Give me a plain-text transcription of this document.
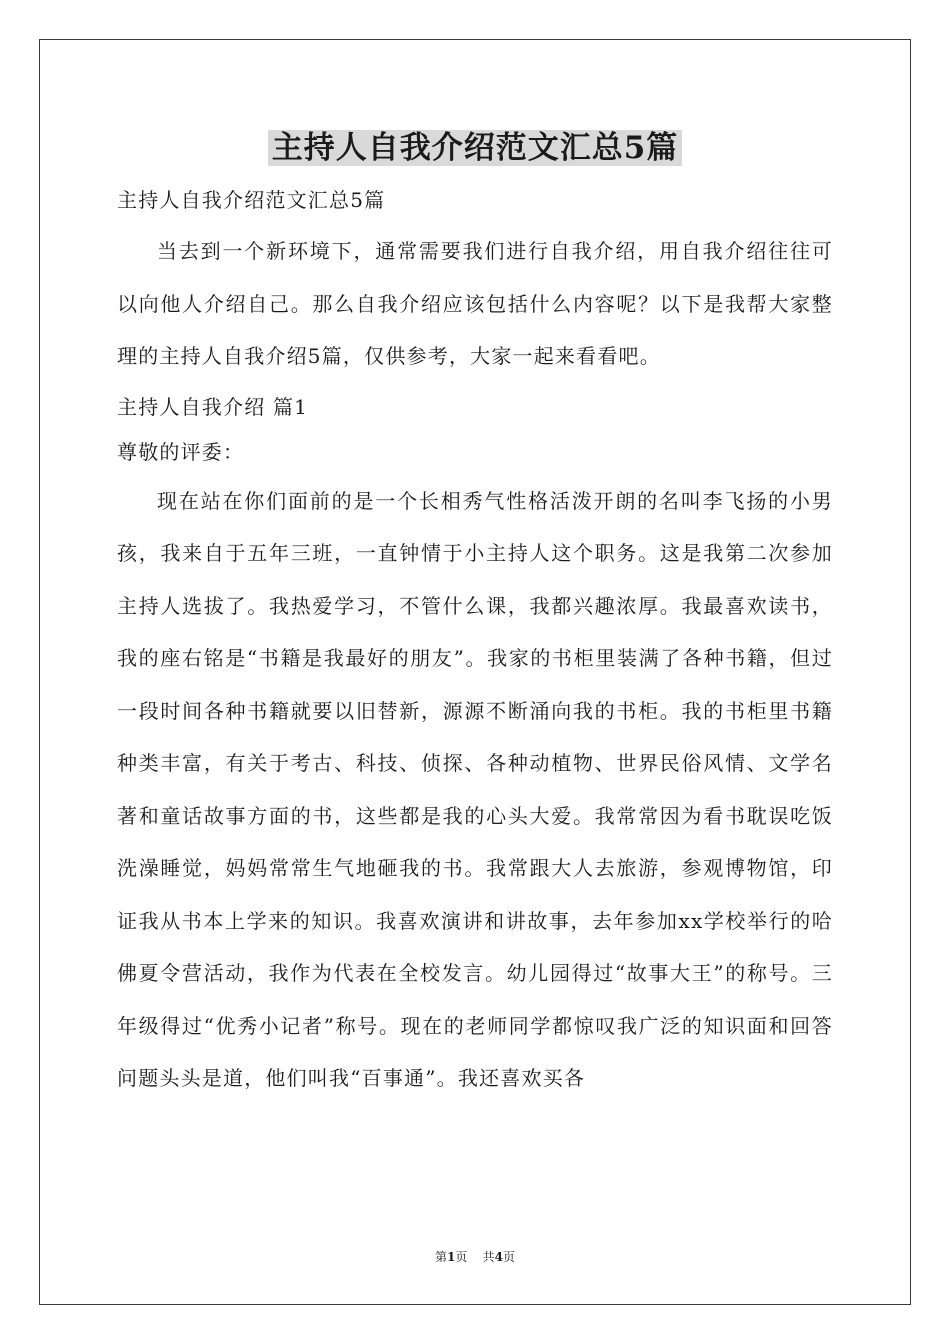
主持人自我介绍范文汇总5篇

主持人自我介绍范文汇总5篇

当去到一个新环境下，通常需要我们进行自我介绍，用自我介绍往往可以向他人介绍自己。那么自我介绍应该包括什么内容呢？以下是我帮大家整理的主持人自我介绍5篇，仅供参考，大家一起来看看吧。

主持人自我介绍 篇1

尊敬的评委：

现在站在你们面前的是一个长相秀气性格活泼开朗的名叫李飞扬的小男孩，我来自于五年三班，一直钟情于小主持人这个职务。这是我第二次参加主持人选拔了。我热爱学习，不管什么课，我都兴趣浓厚。我最喜欢读书，我的座右铭是“书籍是我最好的朋友”。我家的书柜里装满了各种书籍，但过一段时间各种书籍就要以旧替新，源源不断涌向我的书柜。我的书柜里书籍种类丰富，有关于考古、科技、侦探、各种动植物、世界民俗风情、文学名著和童话故事方面的书，这些都是我的心头大爱。我常常因为看书耽误吃饭洗澡睡觉，妈妈常常生气地砸我的书。我常跟大人去旅游，参观博物馆，印证我从书本上学来的知识。我喜欢演讲和讲故事，去年参加xx学校举行的哈佛夏令营活动，我作为代表在全校发言。幼儿园得过“故事大王”的称号。三年级得过“优秀小记者”称号。现在的老师同学都惊叹我广泛的知识面和回答问题头头是道，他们叫我“百事通”。我还喜欢买各

第1页 共4页
